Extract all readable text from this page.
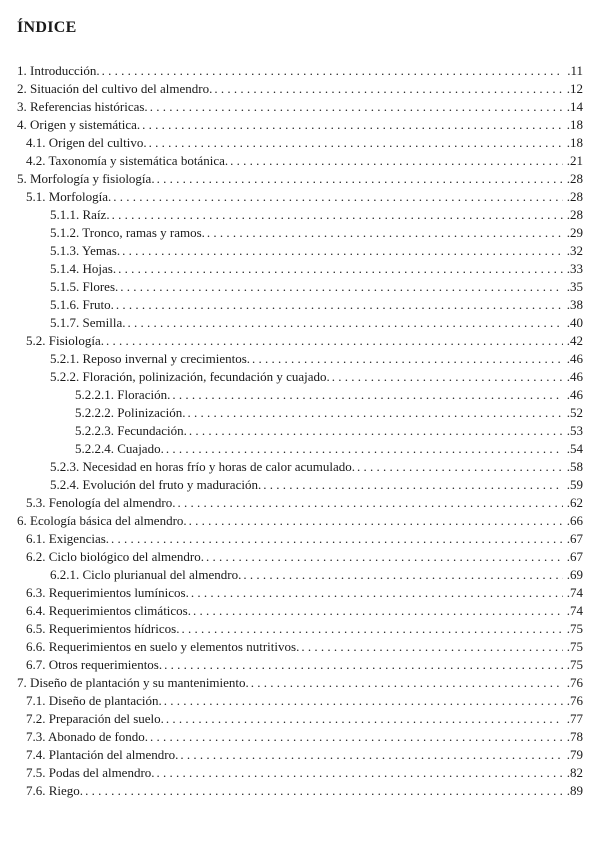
ÍNDICE
1. Introducción. . . .	.11
2. Situación del cultivo del almendro. . . .	.12
3. Referencias históricas. . . .	.14
4. Origen y sistemática. . . .	.18
4.1. Origen del cultivo. . . .	.18
4.2. Taxonomía y sistemática botánica. . . .	.21
5. Morfología y fisiología. . . .	.28
5.1. Morfología. . . .	.28
5.1.1. Raíz. . . .	.28
5.1.2. Tronco, ramas y ramos. . . .	.29
5.1.3. Yemas. . . .	.32
5.1.4. Hojas. . . .	.33
5.1.5. Flores. . . .	.35
5.1.6. Fruto. . . .	.38
5.1.7. Semilla. . . .	.40
5.2. Fisiología. . . .	.42
5.2.1. Reposo invernal y crecimientos. . . .	.46
5.2.2. Floración, polinización, fecundación y cuajado. . . .	.46
5.2.2.1. Floración. . . .	.46
5.2.2.2. Polinización. . . .	.52
5.2.2.3. Fecundación. . . .	.53
5.2.2.4. Cuajado. . . .	.54
5.2.3. Necesidad en horas frío y horas de calor acumulado. . . .	.58
5.2.4. Evolución del fruto y maduración. . . .	.59
5.3. Fenología del almendro. . . .	.62
6. Ecología básica del almendro. . . .	.66
6.1. Exigencias. . . .	.67
6.2. Ciclo biológico del almendro. . . .	.67
6.2.1. Ciclo plurianual del almendro. . . .	.69
6.3. Requerimientos lumínicos. . . .	.74
6.4. Requerimientos climáticos. . . .	.74
6.5. Requerimientos hídricos. . . .	.75
6.6. Requerimientos en suelo y elementos nutritivos. . . .	.75
6.7. Otros requerimientos. . . .	.75
7. Diseño de plantación y su mantenimiento. . . .	.76
7.1. Diseño de plantación. . . .	.76
7.2. Preparación del suelo. . . .	.77
7.3. Abonado de fondo. . . .	.78
7.4. Plantación del almendro. . . .	.79
7.5. Podas del almendro. . . .	.82
7.6. Riego. . . .	.89
